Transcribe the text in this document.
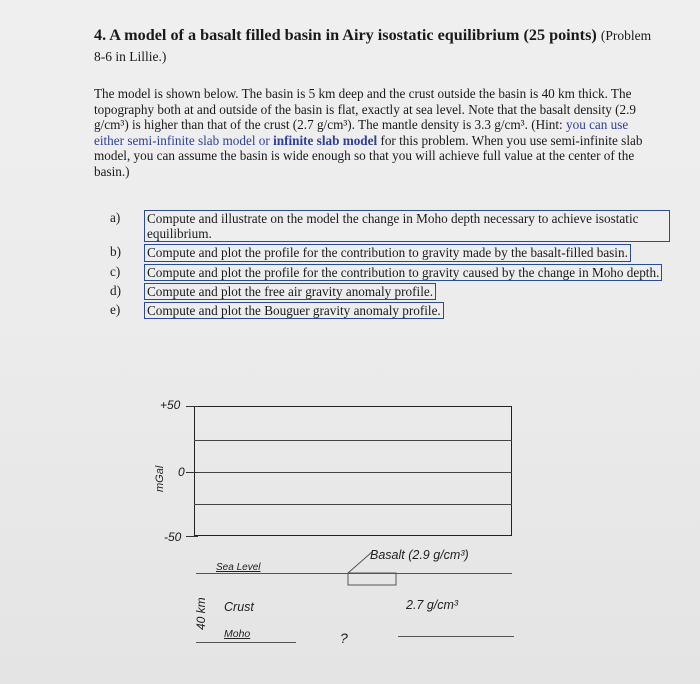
4. A model of a basalt filled basin in Airy isostatic equilibrium (25 points) (Problem 8-6 in Lillie.)
The model is shown below. The basin is 5 km deep and the crust outside the basin is 40 km thick. The topography both at and outside of the basin is flat, exactly at sea level. Note that the basalt density (2.9 g/cm³) is higher than that of the crust (2.7 g/cm³). The mantle density is 3.3 g/cm³. (Hint: you can use either semi-infinite slab model or infinite slab model for this problem. When you use semi-infinite slab model, you can assume the basin is wide enough so that you will achieve full value at the center of the basin.)
a) Compute and illustrate on the model the change in Moho depth necessary to achieve isostatic equilibrium.
b) Compute and plot the profile for the contribution to gravity made by the basalt-filled basin.
c) Compute and plot the profile for the contribution to gravity caused by the change in Moho depth.
d) Compute and plot the free air gravity anomaly profile.
e) Compute and plot the Bouguer gravity anomaly profile.
+50
0
-50
mGal
Sea Level
Basalt (2.9 g/cm³)
Crust	2.7 g/cm³
40 km
Moho	?
